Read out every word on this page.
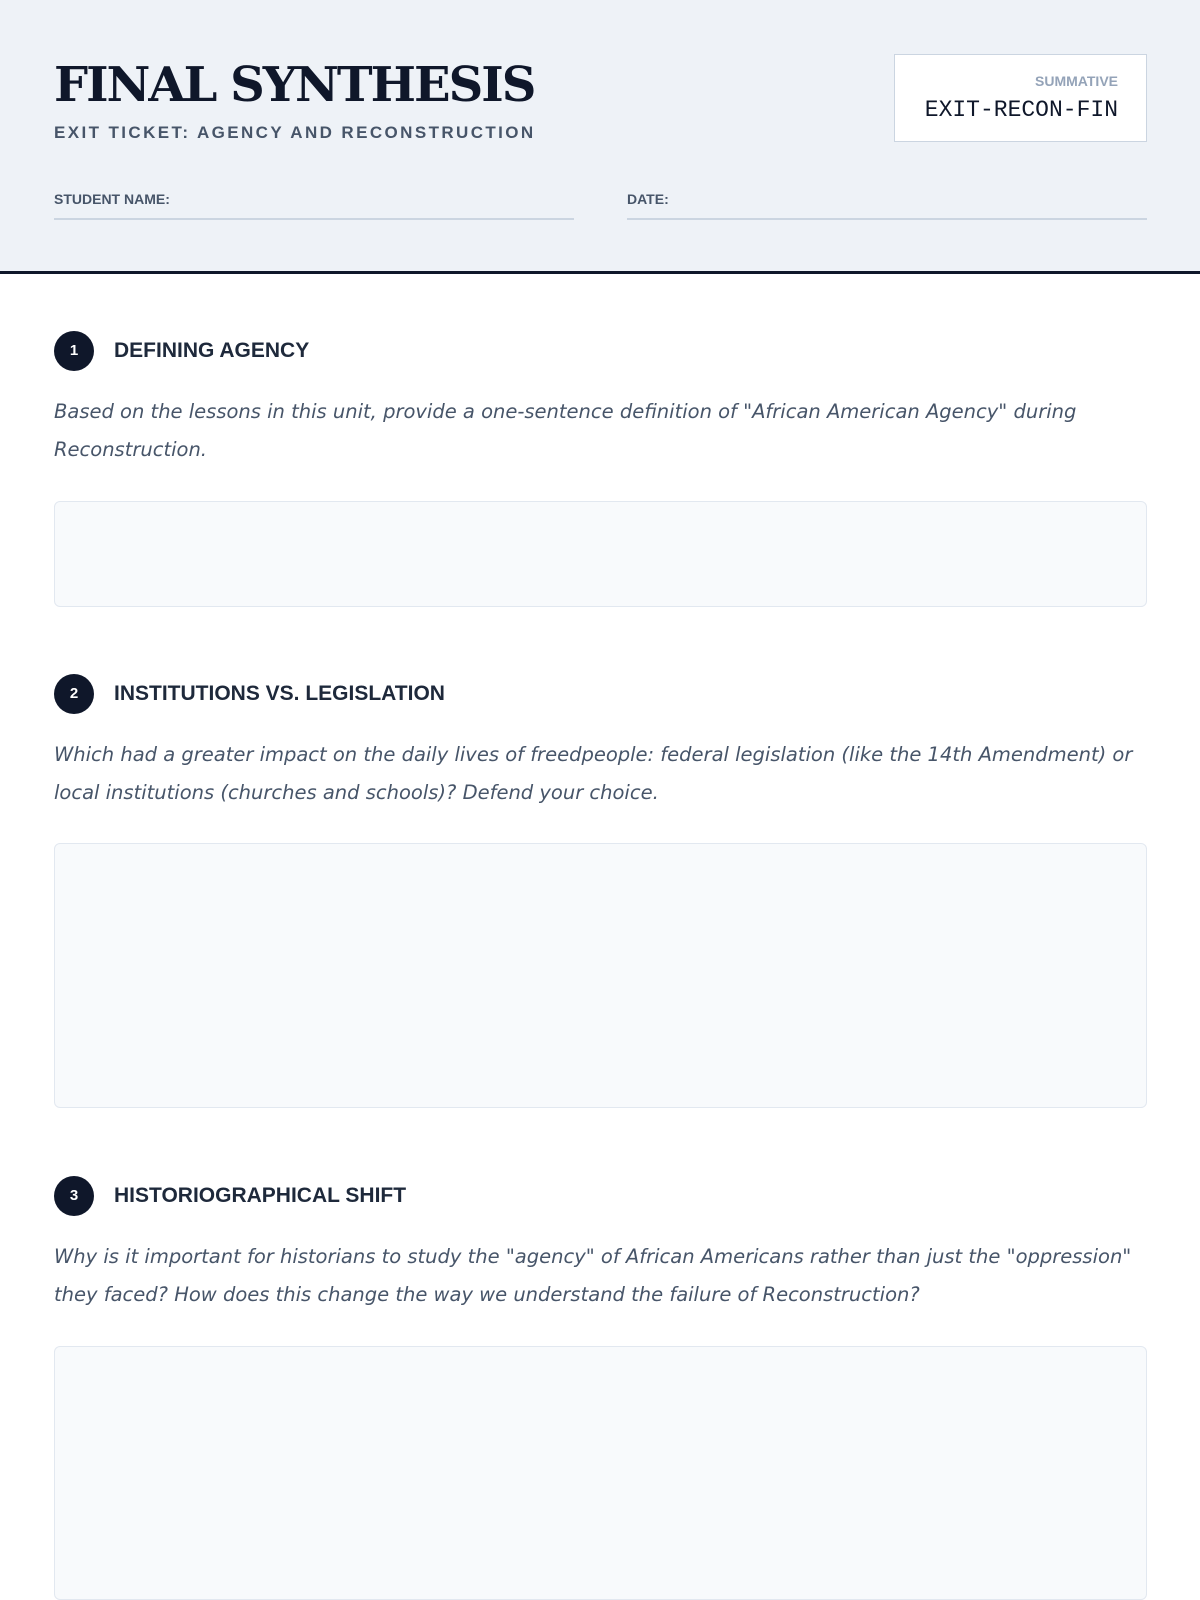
FINAL SYNTHESIS
EXIT TICKET: AGENCY AND RECONSTRUCTION
SUMMATIVE
EXIT-RECON-FIN
STUDENT NAME:	DATE:
1	DEFINING AGENCY
Based on the lessons in this unit, provide a one-sentence definition of "African American Agency" during Reconstruction.
2	INSTITUTIONS VS. LEGISLATION
Which had a greater impact on the daily lives of freedpeople: federal legislation (like the 14th Amendment) or local institutions (churches and schools)? Defend your choice.
3	HISTORIOGRAPHICAL SHIFT
Why is it important for historians to study the "agency" of African Americans rather than just the "oppression" they faced? How does this change the way we understand the failure of Reconstruction?
